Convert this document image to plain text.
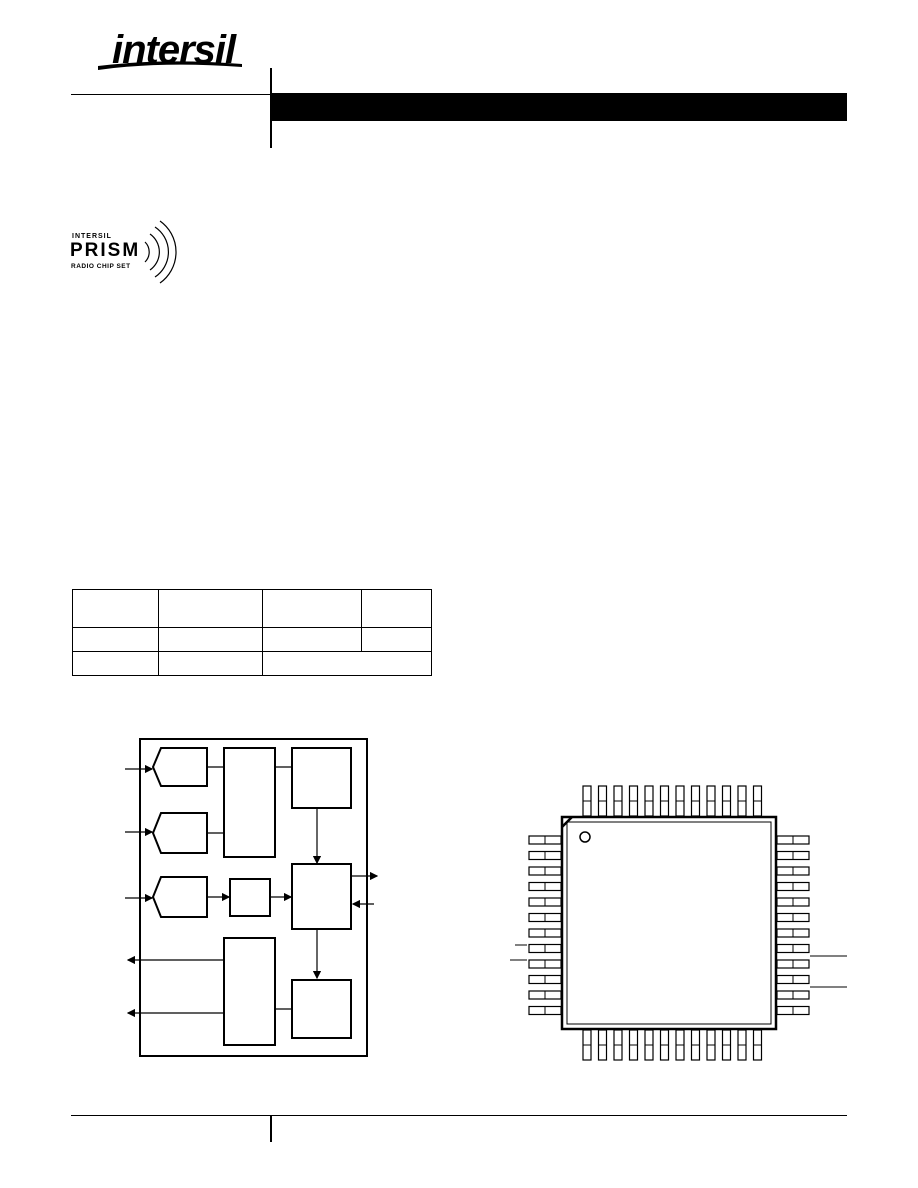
intersil
INTERSIL
PRISM
RADIO CHIP SET
